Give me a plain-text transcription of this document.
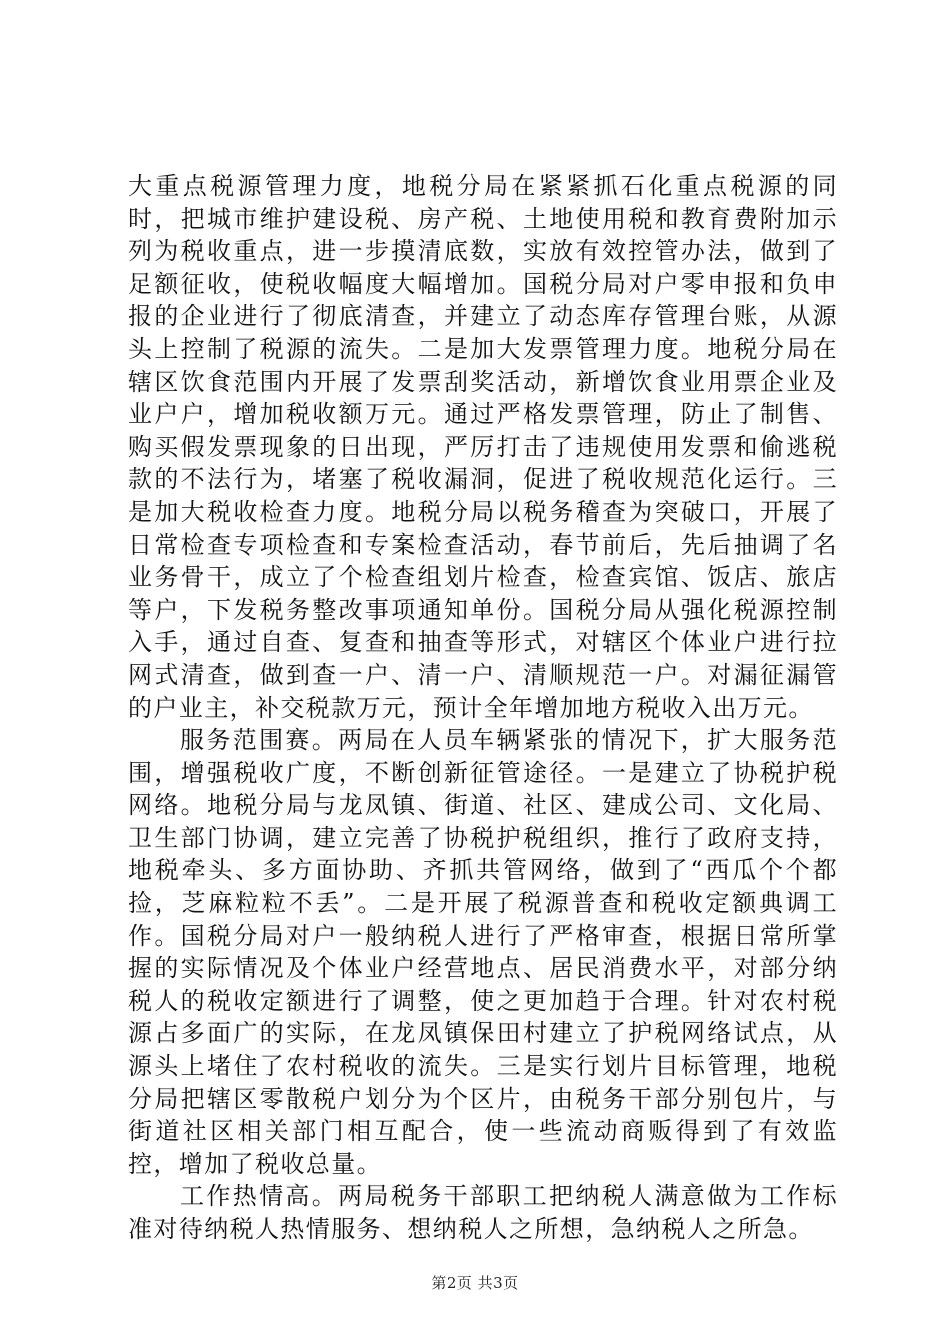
大重点税源管理力度，地税分局在紧紧抓石化重点税源的同时，把城市维护建设税、房产税、土地使用税和教育费附加示列为税收重点，进一步摸清底数，实放有效控管办法，做到了足额征收，使税收幅度大幅增加。国税分局对户零申报和负申报的企业进行了彻底清查，并建立了动态库存管理台账，从源头上控制了税源的流失。二是加大发票管理力度。地税分局在辖区饮食范围内开展了发票刮奖活动，新增饮食业用票企业及业户户，增加税收额万元。通过严格发票管理，防止了制售、购买假发票现象的日出现，严厉打击了违规使用发票和偷逃税款的不法行为，堵塞了税收漏洞，促进了税收规范化运行。三是加大税收检查力度。地税分局以税务稽查为突破口，开展了日常检查专项检查和专案检查活动，春节前后，先后抽调了名业务骨干，成立了个检查组划片检查，检查宾馆、饭店、旅店等户，下发税务整改事项通知单份。国税分局从强化税源控制入手，通过自查、复查和抽查等形式，对辖区个体业户进行拉网式清查，做到查一户、清一户、清顺规范一户。对漏征漏管的户业主，补交税款万元，预计全年增加地方税收入出万元。

服务范围赛。两局在人员车辆紧张的情况下，扩大服务范围，增强税收广度，不断创新征管途径。一是建立了协税护税网络。地税分局与龙凤镇、街道、社区、建成公司、文化局、卫生部门协调，建立完善了协税护税组织，推行了政府支持，地税牵头、多方面协助、齐抓共管网络，做到了“西瓜个个都捡，芝麻粒粒不丢”。二是开展了税源普查和税收定额典调工作。国税分局对户一般纳税人进行了严格审查，根据日常所掌握的实际情况及个体业户经营地点、居民消费水平，对部分纳税人的税收定额进行了调整，使之更加趋于合理。针对农村税源占多面广的实际，在龙凤镇保田村建立了护税网络试点，从源头上堵住了农村税收的流失。三是实行划片目标管理，地税分局把辖区零散税户划分为个区片，由税务干部分别包片，与街道社区相关部门相互配合，使一些流动商贩得到了有效监控，增加了税收总量。

工作热情高。两局税务干部职工把纳税人满意做为工作标准对待纳税人热情服务、想纳税人之所想，急纳税人之所急。

第2页 共3页
